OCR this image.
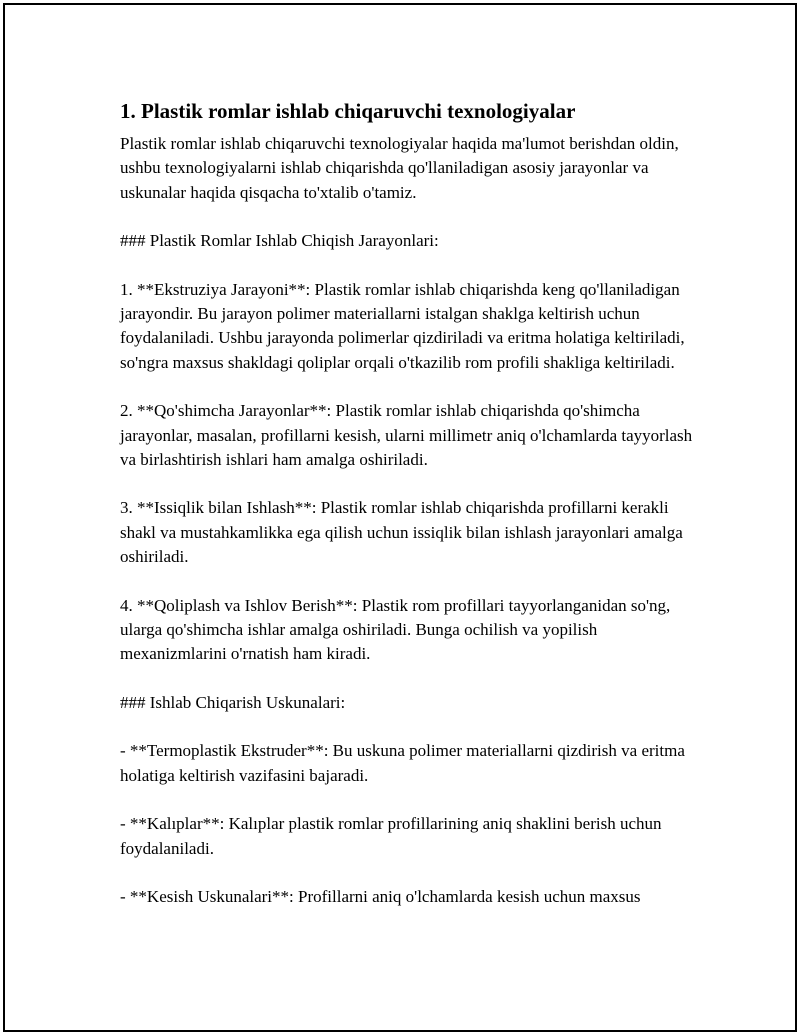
1. Plastik romlar ishlab chiqaruvchi texnologiyalar

Plastik romlar ishlab chiqaruvchi texnologiyalar haqida ma'lumot berishdan oldin, ushbu texnologiyalarni ishlab chiqarishda qo'llaniladigan asosiy jarayonlar va uskunalar haqida qisqacha to'xtalib o'tamiz.

### Plastik Romlar Ishlab Chiqish Jarayonlari:

1. **Ekstruziya Jarayoni**: Plastik romlar ishlab chiqarishda keng qo'llaniladigan jarayondir. Bu jarayon polimer materiallarni istalgan shaklga keltirish uchun foydalaniladi. Ushbu jarayonda polimerlar qizdiriladi va eritma holatiga keltiriladi, so'ngra maxsus shakldagi qoliplar orqali o'tkazilib rom profili shakliga keltiriladi.

2. **Qo'shimcha Jarayonlar**: Plastik romlar ishlab chiqarishda qo'shimcha jarayonlar, masalan, profillarni kesish, ularni millimetr aniq o'lchamlarda tayyorlash va birlashtirish ishlari ham amalga oshiriladi.

3. **Issiqlik bilan Ishlash**: Plastik romlar ishlab chiqarishda profillarni kerakli shakl va mustahkamlikka ega qilish uchun issiqlik bilan ishlash jarayonlari amalga oshiriladi.

4. **Qoliplash va Ishlov Berish**: Plastik rom profillari tayyorlanganidan so'ng, ularga qo'shimcha ishlar amalga oshiriladi. Bunga ochilish va yopilish mexanizmlarini o'rnatish ham kiradi.

### Ishlab Chiqarish Uskunalari:

- **Termoplastik Ekstruder**: Bu uskuna polimer materiallarni qizdirish va eritma holatiga keltirish vazifasini bajaradi.

- **Kalıplar**: Kalıplar plastik romlar profillarining aniq shaklini berish uchun foydalaniladi.

- **Kesish Uskunalari**: Profillarni aniq o'lchamlarda kesish uchun maxsus
